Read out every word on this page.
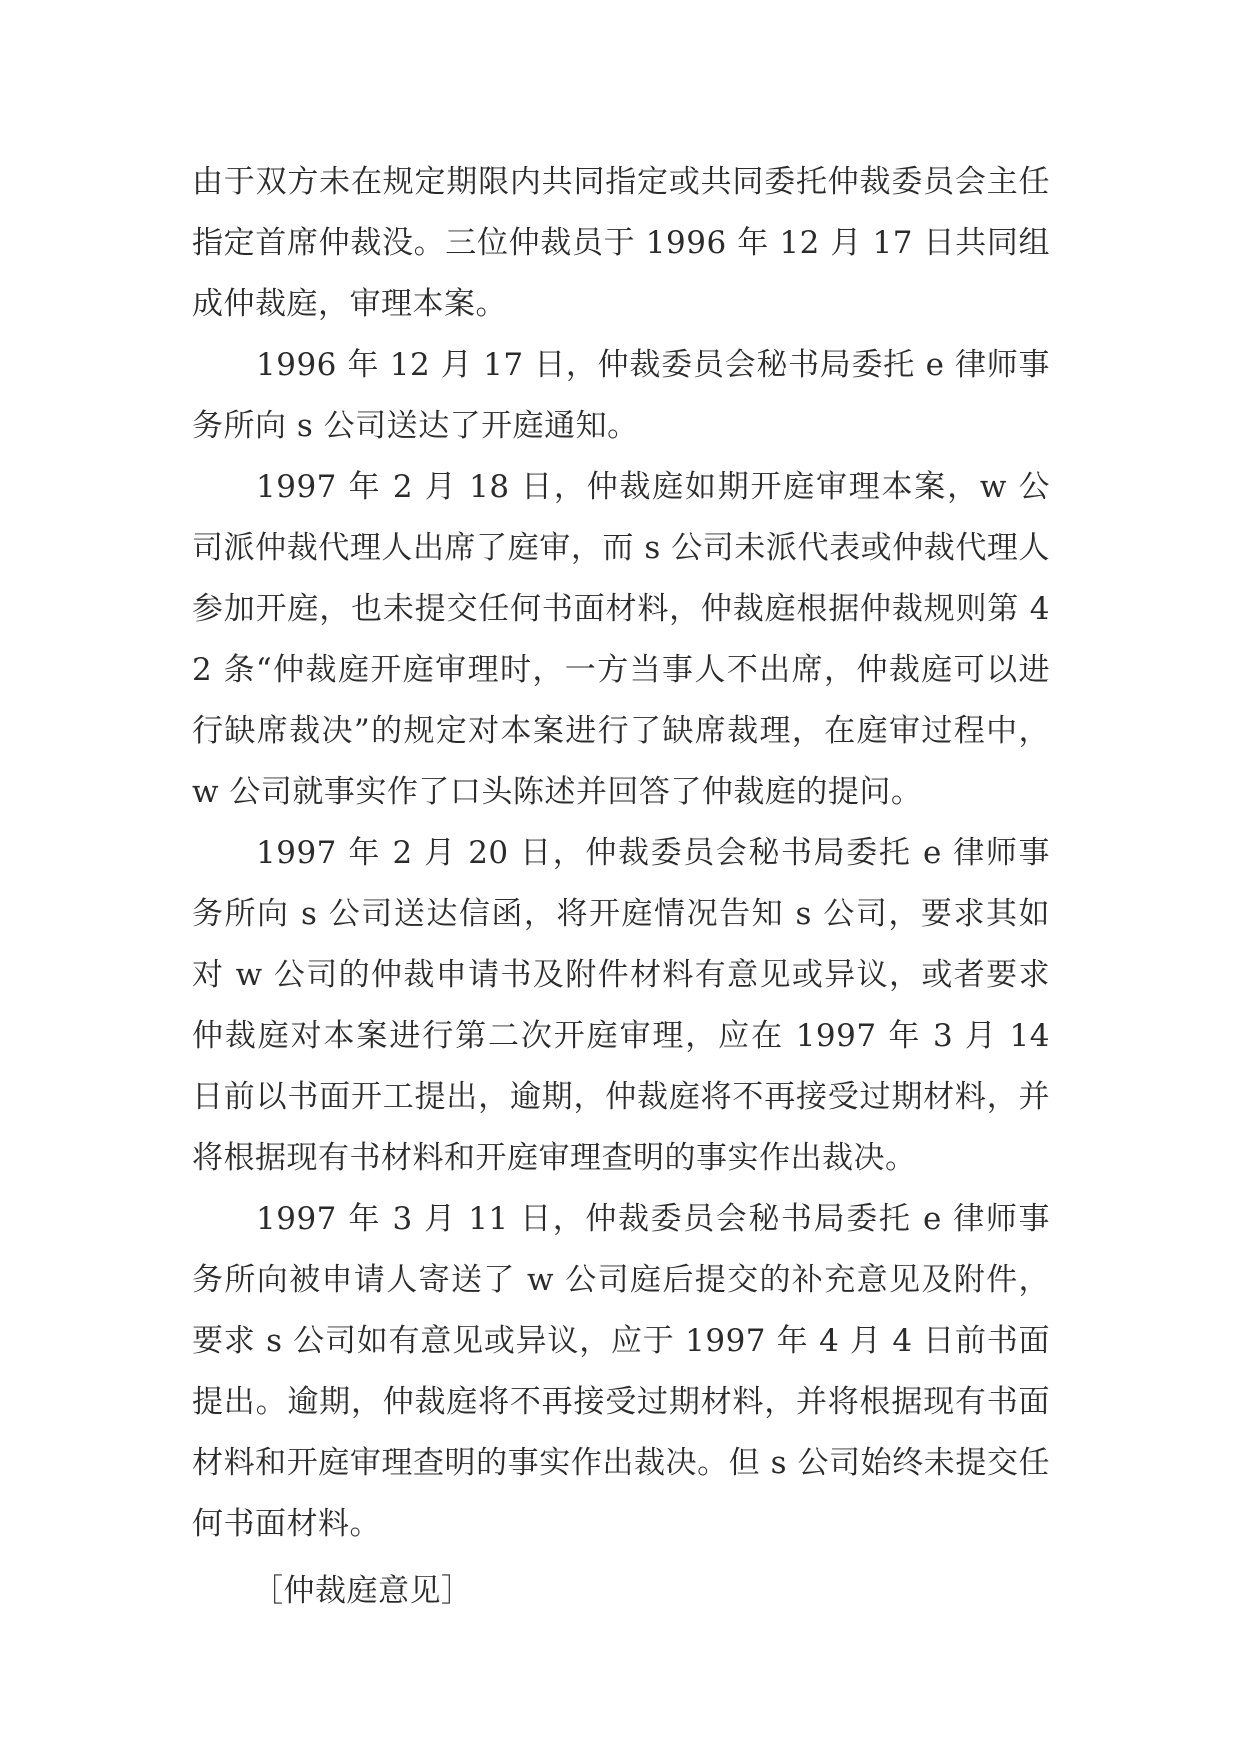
由于双方未在规定期限内共同指定或共同委托仲裁委员会主任指定首席仲裁没。三位仲裁员于 1996 年 12 月 17 日共同组成仲裁庭，审理本案。

1996 年 12 月 17 日，仲裁委员会秘书局委托 e 律师事务所向 s 公司送达了开庭通知。

1997 年 2 月 18 日，仲裁庭如期开庭审理本案，w 公司派仲裁代理人出席了庭审，而 s 公司未派代表或仲裁代理人参加开庭，也未提交任何书面材料，仲裁庭根据仲裁规则第 42 条“仲裁庭开庭审理时，一方当事人不出席，仲裁庭可以进行缺席裁决”的规定对本案进行了缺席裁理，在庭审过程中，w 公司就事实作了口头陈述并回答了仲裁庭的提问。

1997 年 2 月 20 日，仲裁委员会秘书局委托 e 律师事务所向 s 公司送达信函，将开庭情况告知 s 公司，要求其如对 w 公司的仲裁申请书及附件材料有意见或异议，或者要求仲裁庭对本案进行第二次开庭审理，应在 1997 年 3 月 14 日前以书面开工提出，逾期，仲裁庭将不再接受过期材料，并将根据现有书材料和开庭审理查明的事实作出裁决。

1997 年 3 月 11 日，仲裁委员会秘书局委托 e 律师事务所向被申请人寄送了 w 公司庭后提交的补充意见及附件，要求 s 公司如有意见或异议，应于 1997 年 4 月 4 日前书面提出。逾期，仲裁庭将不再接受过期材料，并将根据现有书面材料和开庭审理查明的事实作出裁决。但 s 公司始终未提交任何书面材料。

［仲裁庭意见］
